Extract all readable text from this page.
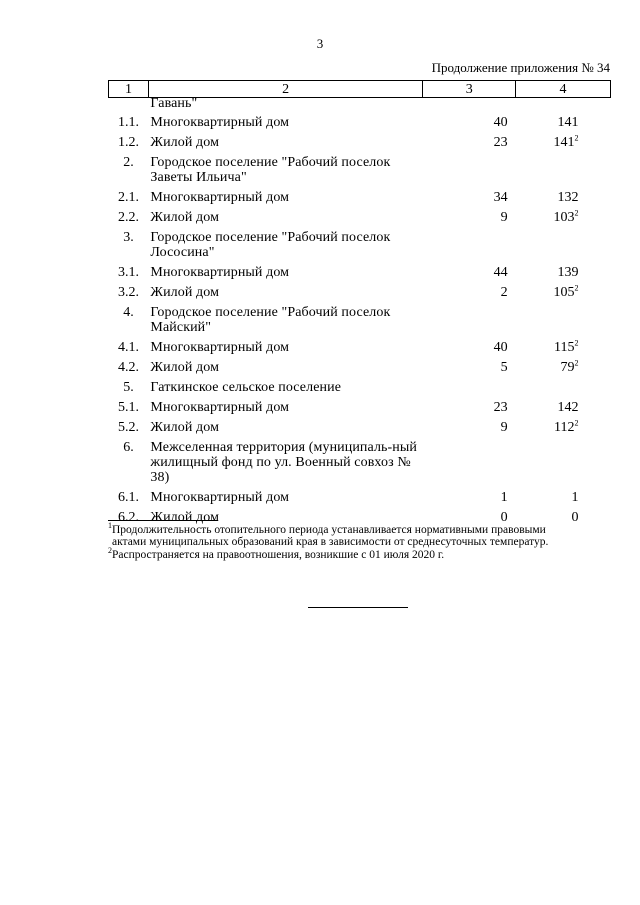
3
Продолжение приложения № 34
1	2	3	4
	Гавань"		
1.1.	Многоквартирный дом	40	141
1.2.	Жилой дом	23	$141^2$
2.	Городское поселение "Рабочий поселок Заветы Ильича"		
2.1.	Многоквартирный дом	34	132
2.2.	Жилой дом	9	$103^2$
3.	Городское поселение "Рабочий поселок Лососина"		
3.1.	Многоквартирный дом	44	139
3.2.	Жилой дом	2	$105^2$
4.	Городское поселение "Рабочий поселок Майский"		
4.1.	Многоквартирный дом	40	$115^2$
4.2.	Жилой дом	5	$79^2$
5.	Гаткинское сельское поселение		
5.1.	Многоквартирный дом	23	142
5.2.	Жилой дом	9	$112^2$
6.	Межселенная территория (муниципаль-ный жилищный фонд по ул. Военный совхоз № 38)		
6.1.	Многоквартирный дом	1	1
6.2.	Жилой дом	0	0
$^1$Продолжительность отопительного периода устанавливается нормативными правовыми
актами муниципальных образований края в зависимости от среднесуточных температур.
$^2$Распространяется на правоотношения, возникшие с 01 июля 2020 г.
